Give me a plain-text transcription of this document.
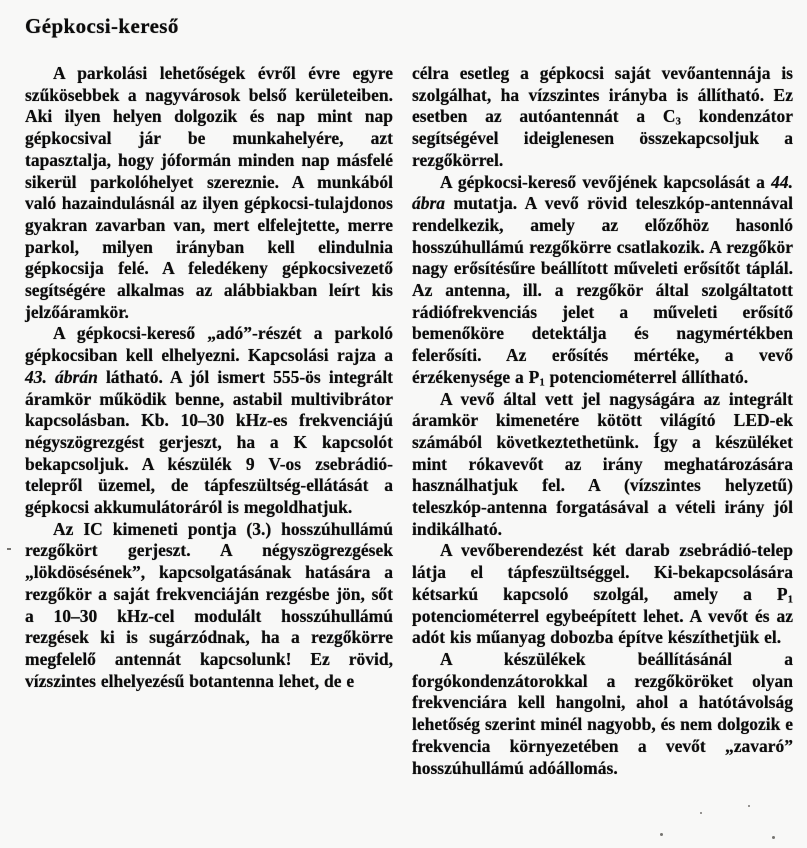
Gépkocsi-kereső

A parkolási lehetőségek évről évre egyre szűkösebbek a nagyvárosok belső kerületeiben. Aki ilyen helyen dolgozik és nap mint nap gépkocsival jár be munkahelyére, azt tapasztalja, hogy jóformán minden nap másfelé sikerül parkolóhelyet szereznie. A munkából való hazaindulásnál az ilyen gépkocsi-tulajdonos gyakran zavarban van, mert elfelejtette, merre parkol, milyen irányban kell elindulnia gépkocsija felé. A feledékeny gépkocsivezető segítségére alkalmas az alábbiakban leírt kis jelzőáramkör.

A gépkocsi-kereső „adó”-részét a parkoló gépkocsiban kell elhelyezni. Kapcsolási rajza a 43. ábrán látható. A jól ismert 555-ös integrált áramkör működik benne, astabil multivibrátor kapcsolásban. Kb. 10–30 kHz-es frekvenciájú négyszögrezgést gerjeszt, ha a K kapcsolót bekapcsoljuk. A készülék 9 V-os zsebrádió-telepről üzemel, de tápfeszültség-ellátását a gépkocsi akkumulátoráról is megoldhatjuk.

Az IC kimeneti pontja (3.) hosszúhullámú rezgőkört gerjeszt. A négyszögrezgések „lökdösésének”, kapcsolgatásának hatására a rezgőkör a saját frekvenciáján rezgésbe jön, sőt a 10–30 kHz-cel modulált hosszúhullámú rezgések ki is sugárzódnak, ha a rezgőkörre megfelelő antennát kapcsolunk! Ez rövid, vízszintes elhelyezésű botantenna lehet, de e

célra esetleg a gépkocsi saját vevőantennája is szolgálhat, ha vízszintes irányba is állítható. Ez esetben az autóantennát a C3 kondenzátor segítségével ideiglenesen összekapcsoljuk a rezgőkörrel.

A gépkocsi-kereső vevőjének kapcsolását a 44. ábra mutatja. A vevő rövid teleszkóp-antennával rendelkezik, amely az előzőhöz hasonló hosszúhullámú rezgőkörre csatlakozik. A rezgőkör nagy erősítésűre beállított műveleti erősítőt táplál. Az antenna, ill. a rezgőkör által szolgáltatott rádiófrekvenciás jelet a műveleti erősítő bemenőköre detektálja és nagymértékben felerősíti. Az erősítés mértéke, a vevő érzékenysége a P1 potenciométerrel állítható.

A vevő által vett jel nagyságára az integrált áramkör kimenetére kötött világító LED-ek számából következtethetünk. Így a készüléket mint rókavevőt az irány meghatározására használhatjuk fel. A (vízszintes helyzetű) teleszkóp-antenna forgatásával a vételi irány jól indikálható.

A vevőberendezést két darab zsebrádió-telep látja el tápfeszültséggel. Ki-bekapcsolására kétsarkú kapcsoló szolgál, amely a P1 potenciométerrel egybeépített lehet. A vevőt és az adót kis műanyag dobozba építve készíthetjük el.

A készülékek beállításánál a forgókondenzátorokkal a rezgőköröket olyan frekvenciára kell hangolni, ahol a hatótávolság lehetőség szerint minél nagyobb, és nem dolgozik e frekvencia környezetében a vevőt „zavaró” hosszúhullámú adóállomás.
